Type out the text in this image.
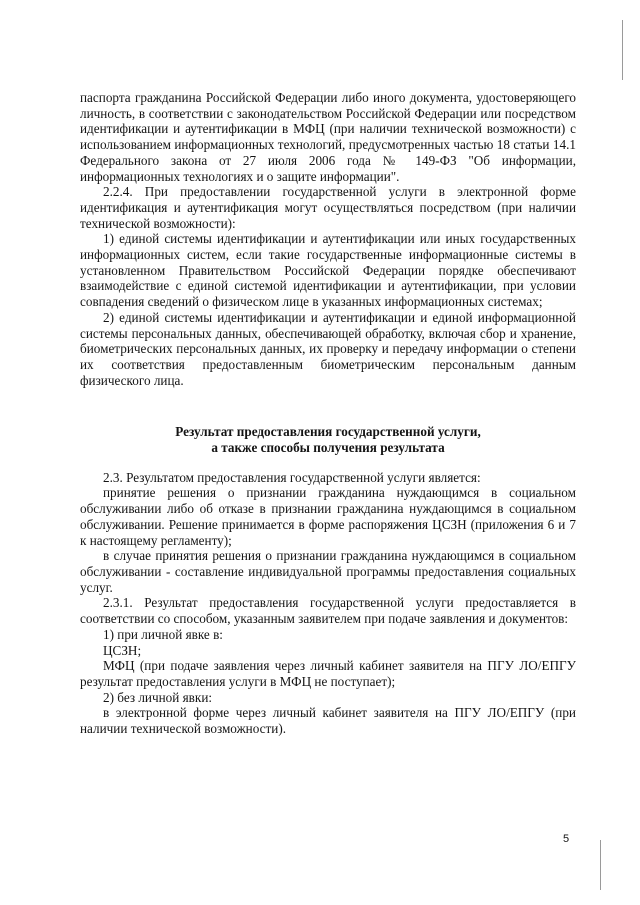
паспорта гражданина Российской Федерации либо иного документа, удостоверяющего личность, в соответствии с законодательством Российской Федерации или посредством идентификации и аутентификации в МФЦ (при наличии технической возможности) с использованием информационных технологий, предусмотренных частью 18 статьи 14.1 Федерального закона от 27 июля 2006 года № 149-ФЗ "Об информации, информационных технологиях и о защите информации".

2.2.4. При предоставлении государственной услуги в электронной форме идентификация и аутентификация могут осуществляться посредством (при наличии технической возможности):

1) единой системы идентификации и аутентификации или иных государственных информационных систем, если такие государственные информационные системы в установленном Правительством Российской Федерации порядке обеспечивают взаимодействие с единой системой идентификации и аутентификации, при условии совпадения сведений о физическом лице в указанных информационных системах;

2) единой системы идентификации и аутентификации и единой информационной системы персональных данных, обеспечивающей обработку, включая сбор и хранение, биометрических персональных данных, их проверку и передачу информации о степени их соответствия предоставленным биометрическим персональным данным физического лица.

Результат предоставления государственной услуги,
а также способы получения результата

2.3. Результатом предоставления государственной услуги является:

принятие решения о признании гражданина нуждающимся в социальном обслуживании либо об отказе в признании гражданина нуждающимся в социальном обслуживании. Решение принимается в форме распоряжения ЦСЗН (приложения 6 и 7 к настоящему регламенту);

в случае принятия решения о признании гражданина нуждающимся в социальном обслуживании - составление индивидуальной программы предоставления социальных услуг.

2.3.1. Результат предоставления государственной услуги предоставляется в соответствии со способом, указанным заявителем при подаче заявления и документов:

1) при личной явке в:

ЦСЗН;

МФЦ (при подаче заявления через личный кабинет заявителя на ПГУ ЛО/ЕПГУ результат предоставления услуги в МФЦ не поступает);

2) без личной явки:

в электронной форме через личный кабинет заявителя на ПГУ ЛО/ЕПГУ (при наличии технической возможности).

5
